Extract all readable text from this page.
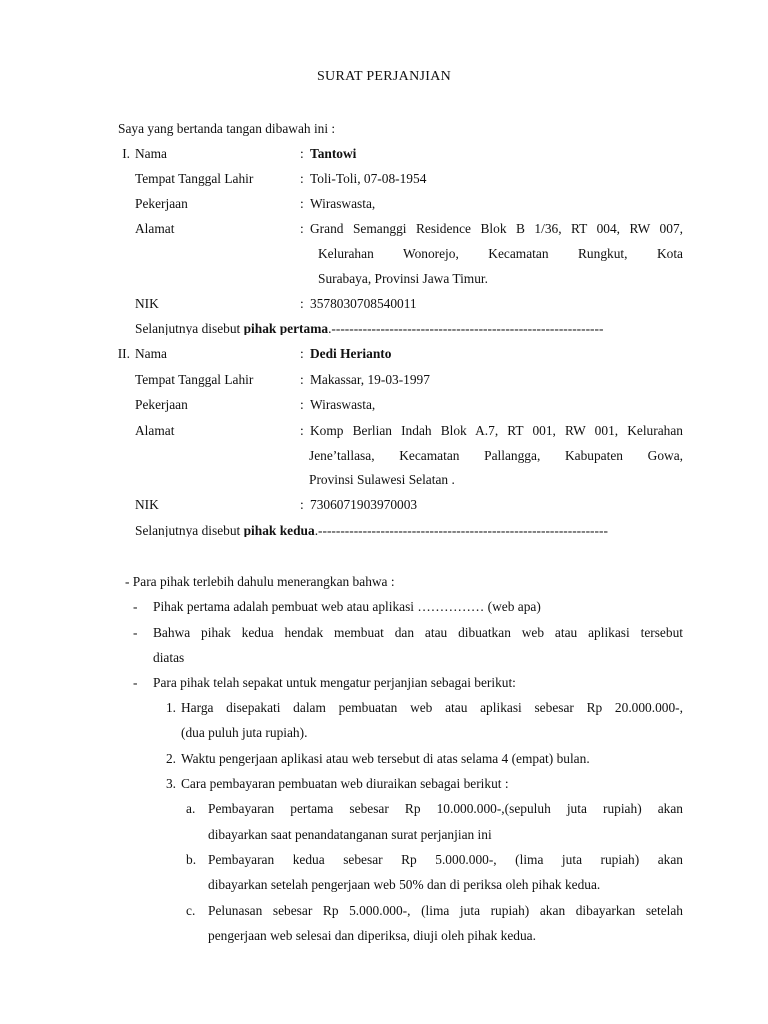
SURAT PERJANJIAN
Saya yang bertanda tangan dibawah ini :
I. Nama	: Tantowi
Tempat Tanggal Lahir	: Toli-Toli, 07-08-1954
Pekerjaan	: Wiraswasta,
Alamat	: Grand Semanggi Residence Blok B 1/36, RT 004, RW 007,
Kelurahan Wonorejo, Kecamatan Rungkut, Kota
Surabaya, Provinsi Jawa Timur.
NIK	: 3578030708540011
Selanjutnya disebut pihak pertama.-------------------------------------------------------------
II. Nama	: Dedi Herianto
Tempat Tanggal Lahir	: Makassar, 19-03-1997
Pekerjaan	: Wiraswasta,
Alamat	: Komp Berlian Indah Blok A.7, RT 001, RW 001, Kelurahan
Jene’tallasa, Kecamatan Pallangga, Kabupaten Gowa,
Provinsi Sulawesi Selatan .
NIK	: 7306071903970003
Selanjutnya disebut pihak kedua.-----------------------------------------------------------------
- Para pihak terlebih dahulu menerangkan bahwa :
- Pihak pertama adalah pembuat web atau aplikasi …………… (web apa)
- Bahwa pihak kedua hendak membuat dan atau dibuatkan web atau aplikasi tersebut
diatas
- Para pihak telah sepakat untuk mengatur perjanjian sebagai berikut:
1. Harga disepakati dalam pembuatan web atau aplikasi sebesar Rp 20.000.000-,
(dua puluh juta rupiah).
2. Waktu pengerjaan aplikasi atau web tersebut di atas selama 4 (empat) bulan.
3. Cara pembayaran pembuatan web diuraikan sebagai berikut :
a. Pembayaran pertama sebesar Rp 10.000.000-,(sepuluh juta rupiah) akan
dibayarkan saat penandatanganan surat perjanjian ini
b. Pembayaran kedua sebesar Rp 5.000.000-, (lima juta rupiah) akan
dibayarkan setelah pengerjaan web 50% dan di periksa oleh pihak kedua.
c. Pelunasan sebesar Rp 5.000.000-, (lima juta rupiah) akan dibayarkan setelah
pengerjaan web selesai dan diperiksa, diuji oleh pihak kedua.
